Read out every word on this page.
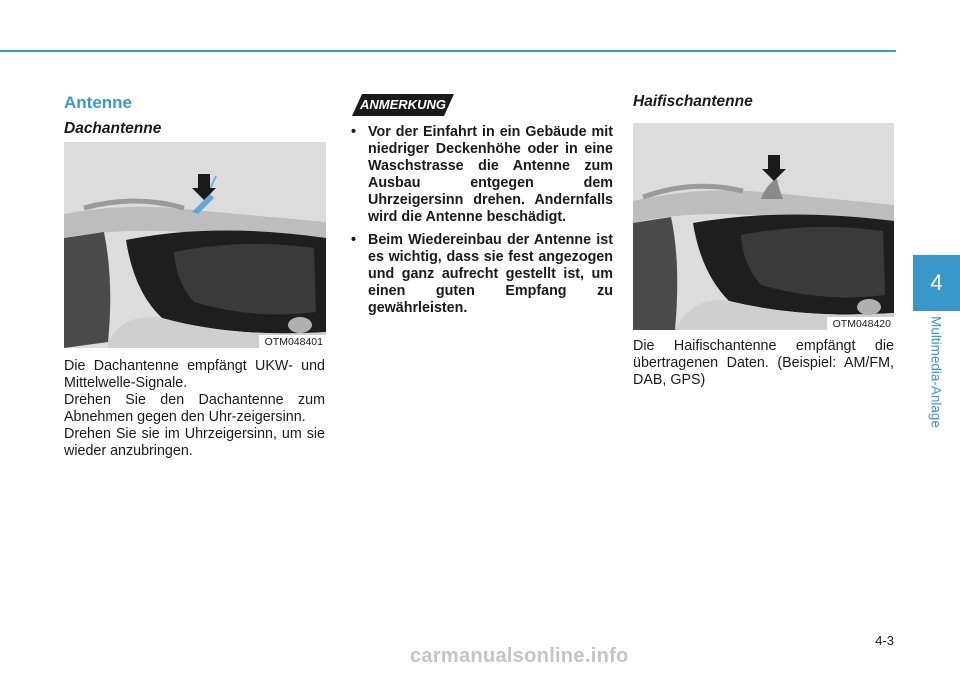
Antenne
Dachantenne
OTM048401

Die Dachantenne empfängt UKW- und Mittelwelle-Signale.

Drehen Sie den Dachantenne zum Abnehmen gegen den Uhr-zeigersinn.

Drehen Sie sie im Uhrzeigersinn, um sie wieder anzubringen.

ANMERKUNG
• Vor der Einfahrt in ein Gebäude mit niedriger Deckenhöhe oder in eine Waschstrasse die Antenne zum Ausbau entgegen dem Uhrzeigersinn drehen. Andernfalls wird die Antenne beschädigt.
• Beim Wiedereinbau der Antenne ist es wichtig, dass sie fest angezogen und ganz aufrecht gestellt ist, um einen guten Empfang zu gewährleisten.
Haifischantenne
OTM048420

Die Haifischantenne empfängt die übertragenen Daten. (Beispiel: AM/FM, DAB, GPS)

4
Multimedia-Anlage
4-3
carmanualsonline.info
